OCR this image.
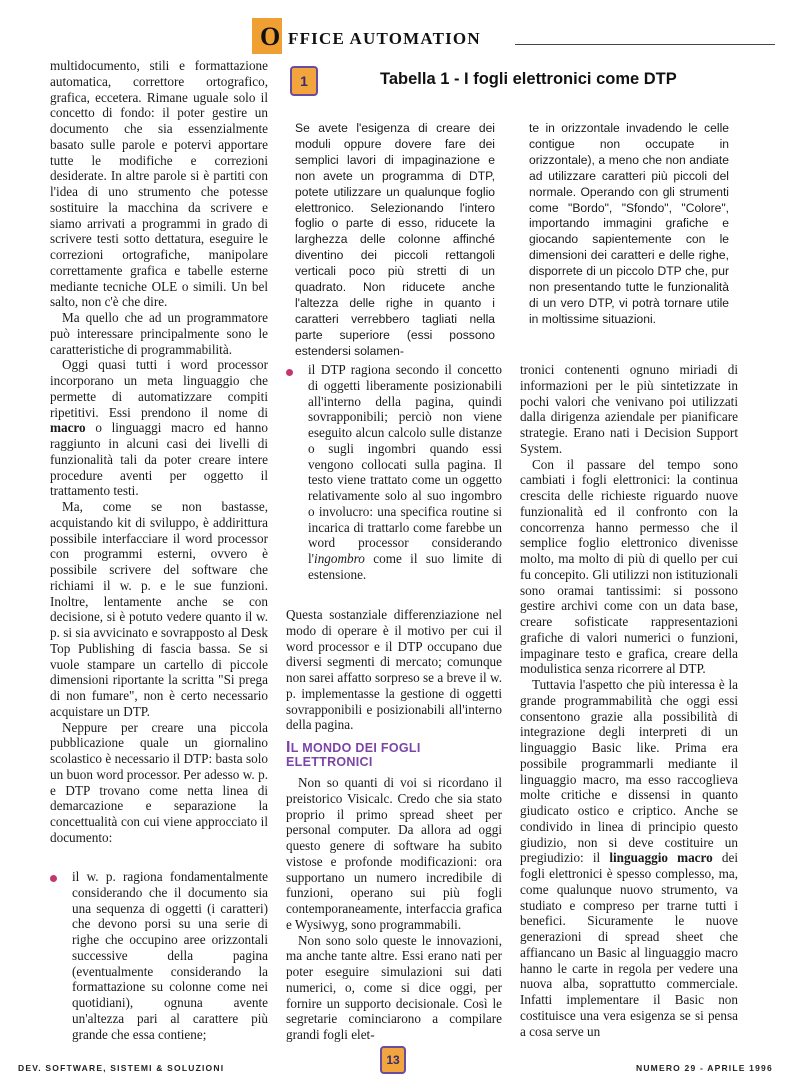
O FFICE AUTOMATION

multidocumento, stili e formattazione automatica, correttore ortografico, grafica, eccetera. Rimane uguale solo il concetto di fondo: il poter gestire un documento che sia essenzialmente basato sulle parole e potervi apportare tutte le modifiche e correzioni desiderate. In altre parole si è partiti con l'idea di uno strumento che potesse sostituire la macchina da scrivere e siamo arrivati a programmi in grado di scrivere testi sotto dettatura, eseguire le correzioni ortografiche, manipolare correttamente grafica e tabelle esterne mediante tecniche OLE o simili. Un bel salto, non c'è che dire.

Ma quello che ad un programmatore può interessare principalmente sono le caratteristiche di programmabilità.

Oggi quasi tutti i word processor incorporano un meta linguaggio che permette di automatizzare compiti ripetitivi. Essi prendono il nome di macro o linguaggi macro ed hanno raggiunto in alcuni casi dei livelli di funzionalità tali da poter creare intere procedure aventi per oggetto il trattamento testi.

Ma, come se non bastasse, acquistando kit di sviluppo, è addirittura possibile interfacciare il word processor con programmi esterni, ovvero è possibile scrivere del software che richiami il w. p. e le sue funzioni. Inoltre, lentamente anche se con decisione, si è potuto vedere quanto il w. p. si sia avvicinato e sovrapposto al Desk Top Publishing di fascia bassa. Se si vuole stampare un cartello di piccole dimensioni riportante la scritta "Si prega di non fumare", non è certo necessario acquistare un DTP.

Neppure per creare una piccola pubblicazione quale un giornalino scolastico è necessario il DTP: basta solo un buon word processor. Per adesso w. p. e DTP trovano come netta linea di demarcazione e separazione la concettualità con cui viene approcciato il documento:

il w. p. ragiona fondamentalmente considerando che il documento sia una sequenza di oggetti (i caratteri) che devono porsi su una serie di righe che occupino aree orizzontali successive della pagina (eventualmente considerando la formattazione su colonne come nei quotidiani), ognuna avente un'altezza pari al carattere più grande che essa contiene;

1	Tabella 1 - I fogli elettronici come DTP
Se avete l'esigenza di creare dei moduli oppure dovere fare dei semplici lavori di impaginazione e non avete un programma di DTP, potete utilizzare un qualunque foglio elettronico. Selezionando l'intero foglio o parte di esso, riducete la larghezza delle colonne affinché diventino dei piccoli rettangoli verticali poco più stretti di un quadrato. Non riducete anche l'altezza delle righe in quanto i caratteri verrebbero tagliati nella parte superiore (essi possono estendersi solamen-
te in orizzontale invadendo le celle contigue non occupate in orizzontale), a meno che non andiate ad utilizzare caratteri più piccoli del normale. Operando con gli strumenti come "Bordo", "Sfondo", "Colore", importando immagini grafiche e giocando sapientemente con le dimensioni dei caratteri e delle righe, disporrete di un piccolo DTP che, pur non presentando tutte le funzionalità di un vero DTP, vi potrà tornare utile in moltissime situazioni.

il DTP ragiona secondo il concetto di oggetti liberamente posizionabili all'interno della pagina, quindi sovrapponibili; perciò non viene eseguito alcun calcolo sulle distanze o sugli ingombri quando essi vengono collocati sulla pagina. Il testo viene trattato come un oggetto relativamente solo al suo ingombro o involucro: una specifica routine si incarica di trattarlo come farebbe un word processor considerando l'ingombro come il suo limite di estensione.

Questa sostanziale differenziazione nel modo di operare è il motivo per cui il word processor e il DTP occupano due diversi segmenti di mercato; comunque non sarei affatto sorpreso se a breve il w. p. implementasse la gestione di oggetti sovrapponibili e posizionabili all'interno della pagina.

IL MONDO DEI FOGLI ELETTRONICI

Non so quanti di voi si ricordano il preistorico Visicalc. Credo che sia stato proprio il primo spread sheet per personal computer. Da allora ad oggi questo genere di software ha subito vistose e profonde modificazioni: ora supportano un numero incredibile di funzioni, operano sui più fogli contemporaneamente, interfaccia grafica e Wysiwyg, sono programmabili.

Non sono solo queste le innovazioni, ma anche tante altre. Essi erano nati per poter eseguire simulazioni sui dati numerici, o, come si dice oggi, per fornire un supporto decisionale. Così le segretarie cominciarono a compilare grandi fogli elet-

tronici contenenti ognuno miriadi di informazioni per le più sintetizzate in pochi valori che venivano poi utilizzati dalla dirigenza aziendale per pianificare strategie. Erano nati i Decision Support System.

Con il passare del tempo sono cambiati i fogli elettronici: la continua crescita delle richieste riguardo nuove funzionalità ed il confronto con la concorrenza hanno permesso che il semplice foglio elettronico divenisse molto, ma molto di più di quello per cui fu concepito. Gli utilizzi non istituzionali sono oramai tantissimi: si possono gestire archivi come con un data base, creare sofisticate rappresentazioni grafiche di valori numerici o funzioni, impaginare testo e grafica, creare della modulistica senza ricorrere al DTP.

Tuttavia l'aspetto che più interessa è la grande programmabilità che oggi essi consentono grazie alla possibilità di integrazione degli interpreti di un linguaggio Basic like. Prima era possibile programmarli mediante il linguaggio macro, ma esso raccoglieva molte critiche e dissensi in quanto giudicato ostico e criptico. Anche se condivido in linea di principio questo giudizio, non si deve costituire un pregiudizio: il linguaggio macro dei fogli elettronici è spesso complesso, ma, come qualunque nuovo strumento, va studiato e compreso per trarne tutti i benefici. Sicuramente le nuove generazioni di spread sheet che affiancano un Basic al linguaggio macro hanno le carte in regola per vedere una nuova alba, soprattutto commerciale. Infatti implementare il Basic non costituisce una vera esigenza se si pensa a cosa serve un

DEV. SOFTWARE, SISTEMI & SOLUZIONI
13
NUMERO 29 - APRILE 1996
